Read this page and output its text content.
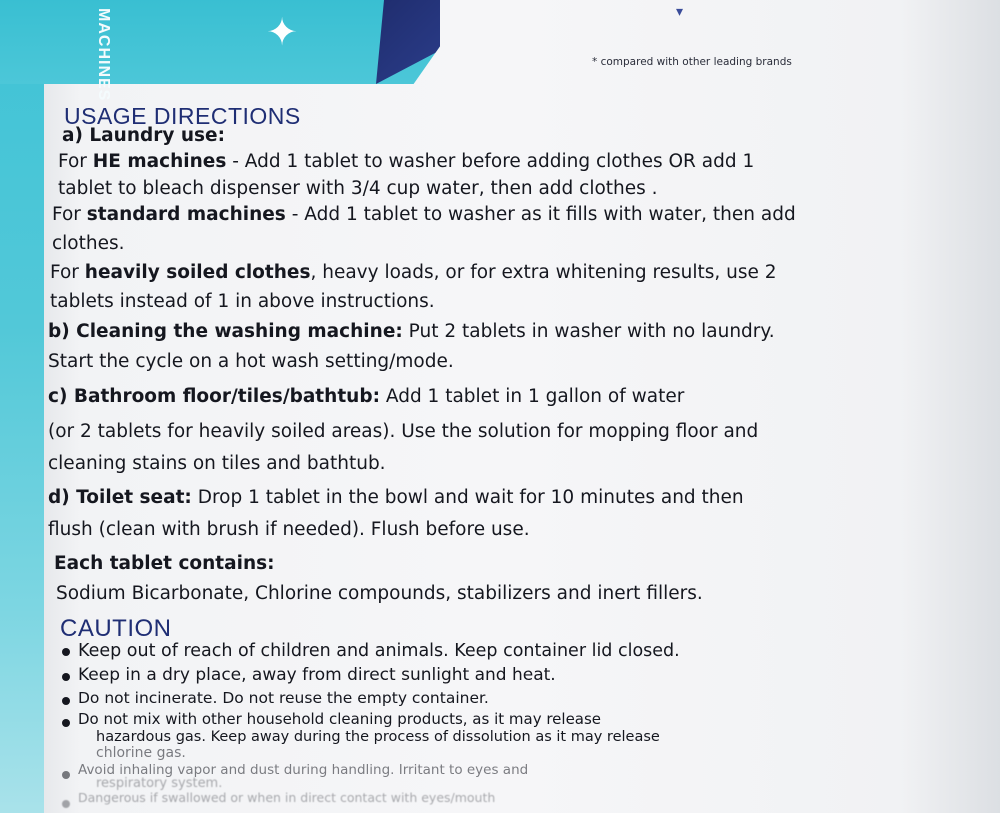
MACHINES	✦	▾
* compared with other leading brands
USAGE DIRECTIONS
a) Laundry use:
For HE machines - Add 1 tablet to washer before adding clothes OR add 1
tablet to bleach dispenser with 3/4 cup water, then add clothes .
For standard machines - Add 1 tablet to washer as it fills with water, then add
clothes.
For heavily soiled clothes, heavy loads, or for extra whitening results, use 2
tablets instead of 1 in above instructions.
b) Cleaning the washing machine: Put 2 tablets in washer with no laundry.
Start the cycle on a hot wash setting/mode.
c) Bathroom floor/tiles/bathtub: Add 1 tablet in 1 gallon of water
(or 2 tablets for heavily soiled areas). Use the solution for mopping floor and
cleaning stains on tiles and bathtub.
d) Toilet seat: Drop 1 tablet in the bowl and wait for 10 minutes and then
flush (clean with brush if needed). Flush before use.
Each tablet contains:
Sodium Bicarbonate, Chlorine compounds, stabilizers and inert fillers.
CAUTION
Keep out of reach of children and animals. Keep container lid closed.
Keep in a dry place, away from direct sunlight and heat.
Do not incinerate. Do not reuse the empty container.
Do not mix with other household cleaning products, as it may release
hazardous gas. Keep away during the process of dissolution as it may release
chlorine gas.
Avoid inhaling vapor and dust during handling. Irritant to eyes and
respiratory system.
Dangerous if swallowed or when in direct contact with eyes/mouth
